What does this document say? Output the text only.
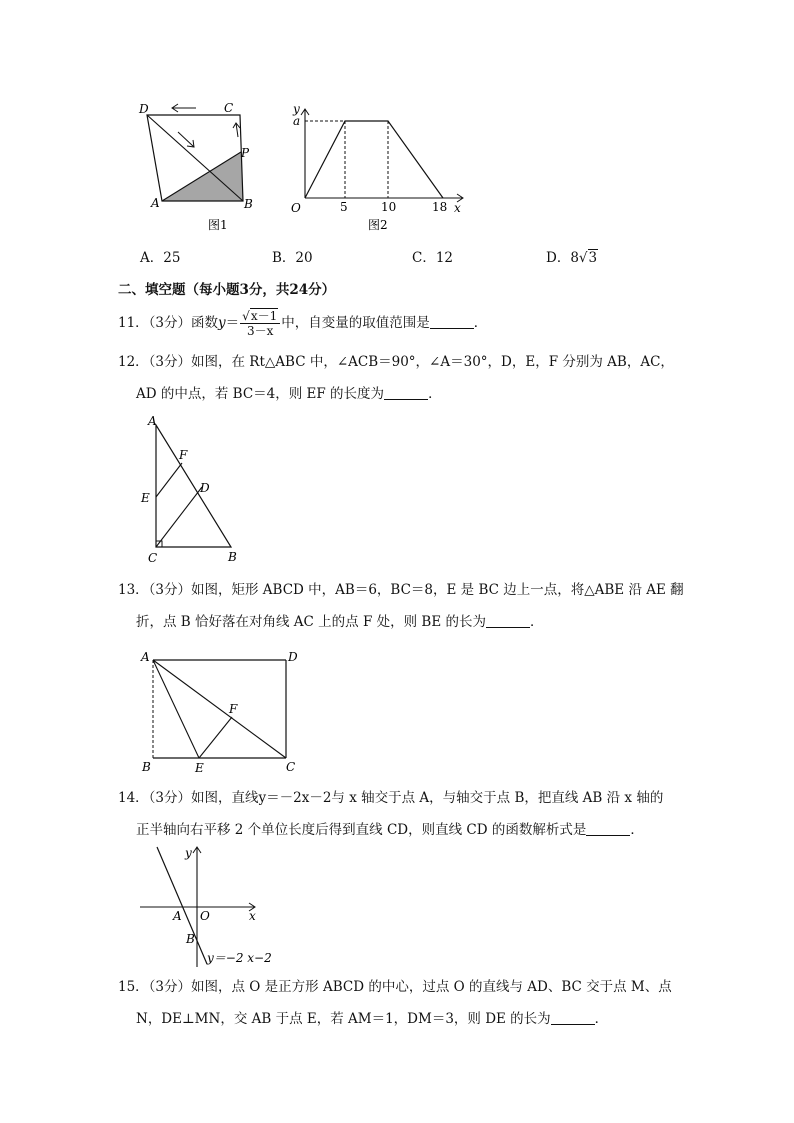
D	C
P
A	B
图1
y
a
O	5	10	18 x
图2
A．25	B．20	C．12	D．8√3
二、填空题（每小题3分，共24分）
11．（3分）函数$y= \frac{√x-1}{3-x}$ 中，自变量的取值范围是	．
12．（3分）如图，在 Rt△ABC 中，∠ACB＝90°，∠A＝30°，D，E，F 分别为 AB，AC，
AD 的中点，若 BC＝4，则 EF 的长度为	．
A
F
E
D
C	B
13．（3分）如图，矩形 ABCD 中，AB＝6，BC＝8，E 是 BC 边上一点，将△ABE 沿 AE 翻
折，点 B 恰好落在对角线 AC 上的点 F 处，则 BE 的长为	．
A	D
F
B	E	C
14．（3分）如图，直线y＝－2x－2与 x 轴交于点 A，与轴交于点 B，把直线 AB 沿 x 轴的
正半轴向右平移 2 个单位长度后得到直线 CD，则直线 CD 的函数解析式是	．
y
x
A O
B
y＝−2 x−2
15．（3分）如图，点 O 是正方形 ABCD 的中心，过点 O 的直线与 AD、BC 交于点 M、点
N，DE⊥MN，交 AB 于点 E，若 AM＝1，DM＝3，则 DE 的长为	．
